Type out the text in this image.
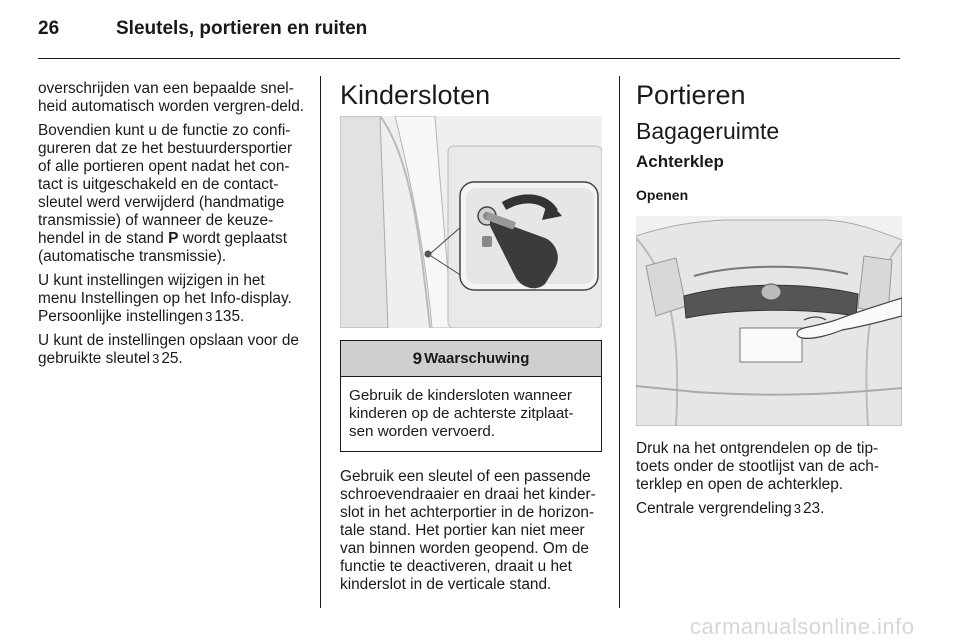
26	Sleutels, portieren en ruiten

overschrijden van een bepaalde snel-heid automatisch worden vergren-deld.

Bovendien kunt u de functie zo confi-gureren dat ze het bestuurdersportier of alle portieren opent nadat het con-tact is uitgeschakeld en de contact-sleutel werd verwijderd (handmatige transmissie) of wanneer de keuze-hendel in de stand P wordt geplaatst (automatische transmissie).

U kunt instellingen wijzigen in het menu Instellingen op het Info-display. Persoonlijke instellingen 3 135.

U kunt de instellingen opslaan voor de gebruikte sleutel 3 25.

Kindersloten
9 Waarschuwing
Gebruik de kindersloten wanneer kinderen op de achterste zitplaat-sen worden vervoerd.

Gebruik een sleutel of een passende schroevendraaier en draai het kinder-slot in het achterportier in de horizon-tale stand. Het portier kan niet meer van binnen worden geopend. Om de functie te deactiveren, draait u het kinderslot in de verticale stand.

Portieren
Bagageruimte
Achterklep
Openen

Druk na het ontgrendelen op de tip-toets onder de stootlijst van de ach-terklep en open de achterklep.

Centrale vergrendeling 3 23.

carmanualsonline.info
